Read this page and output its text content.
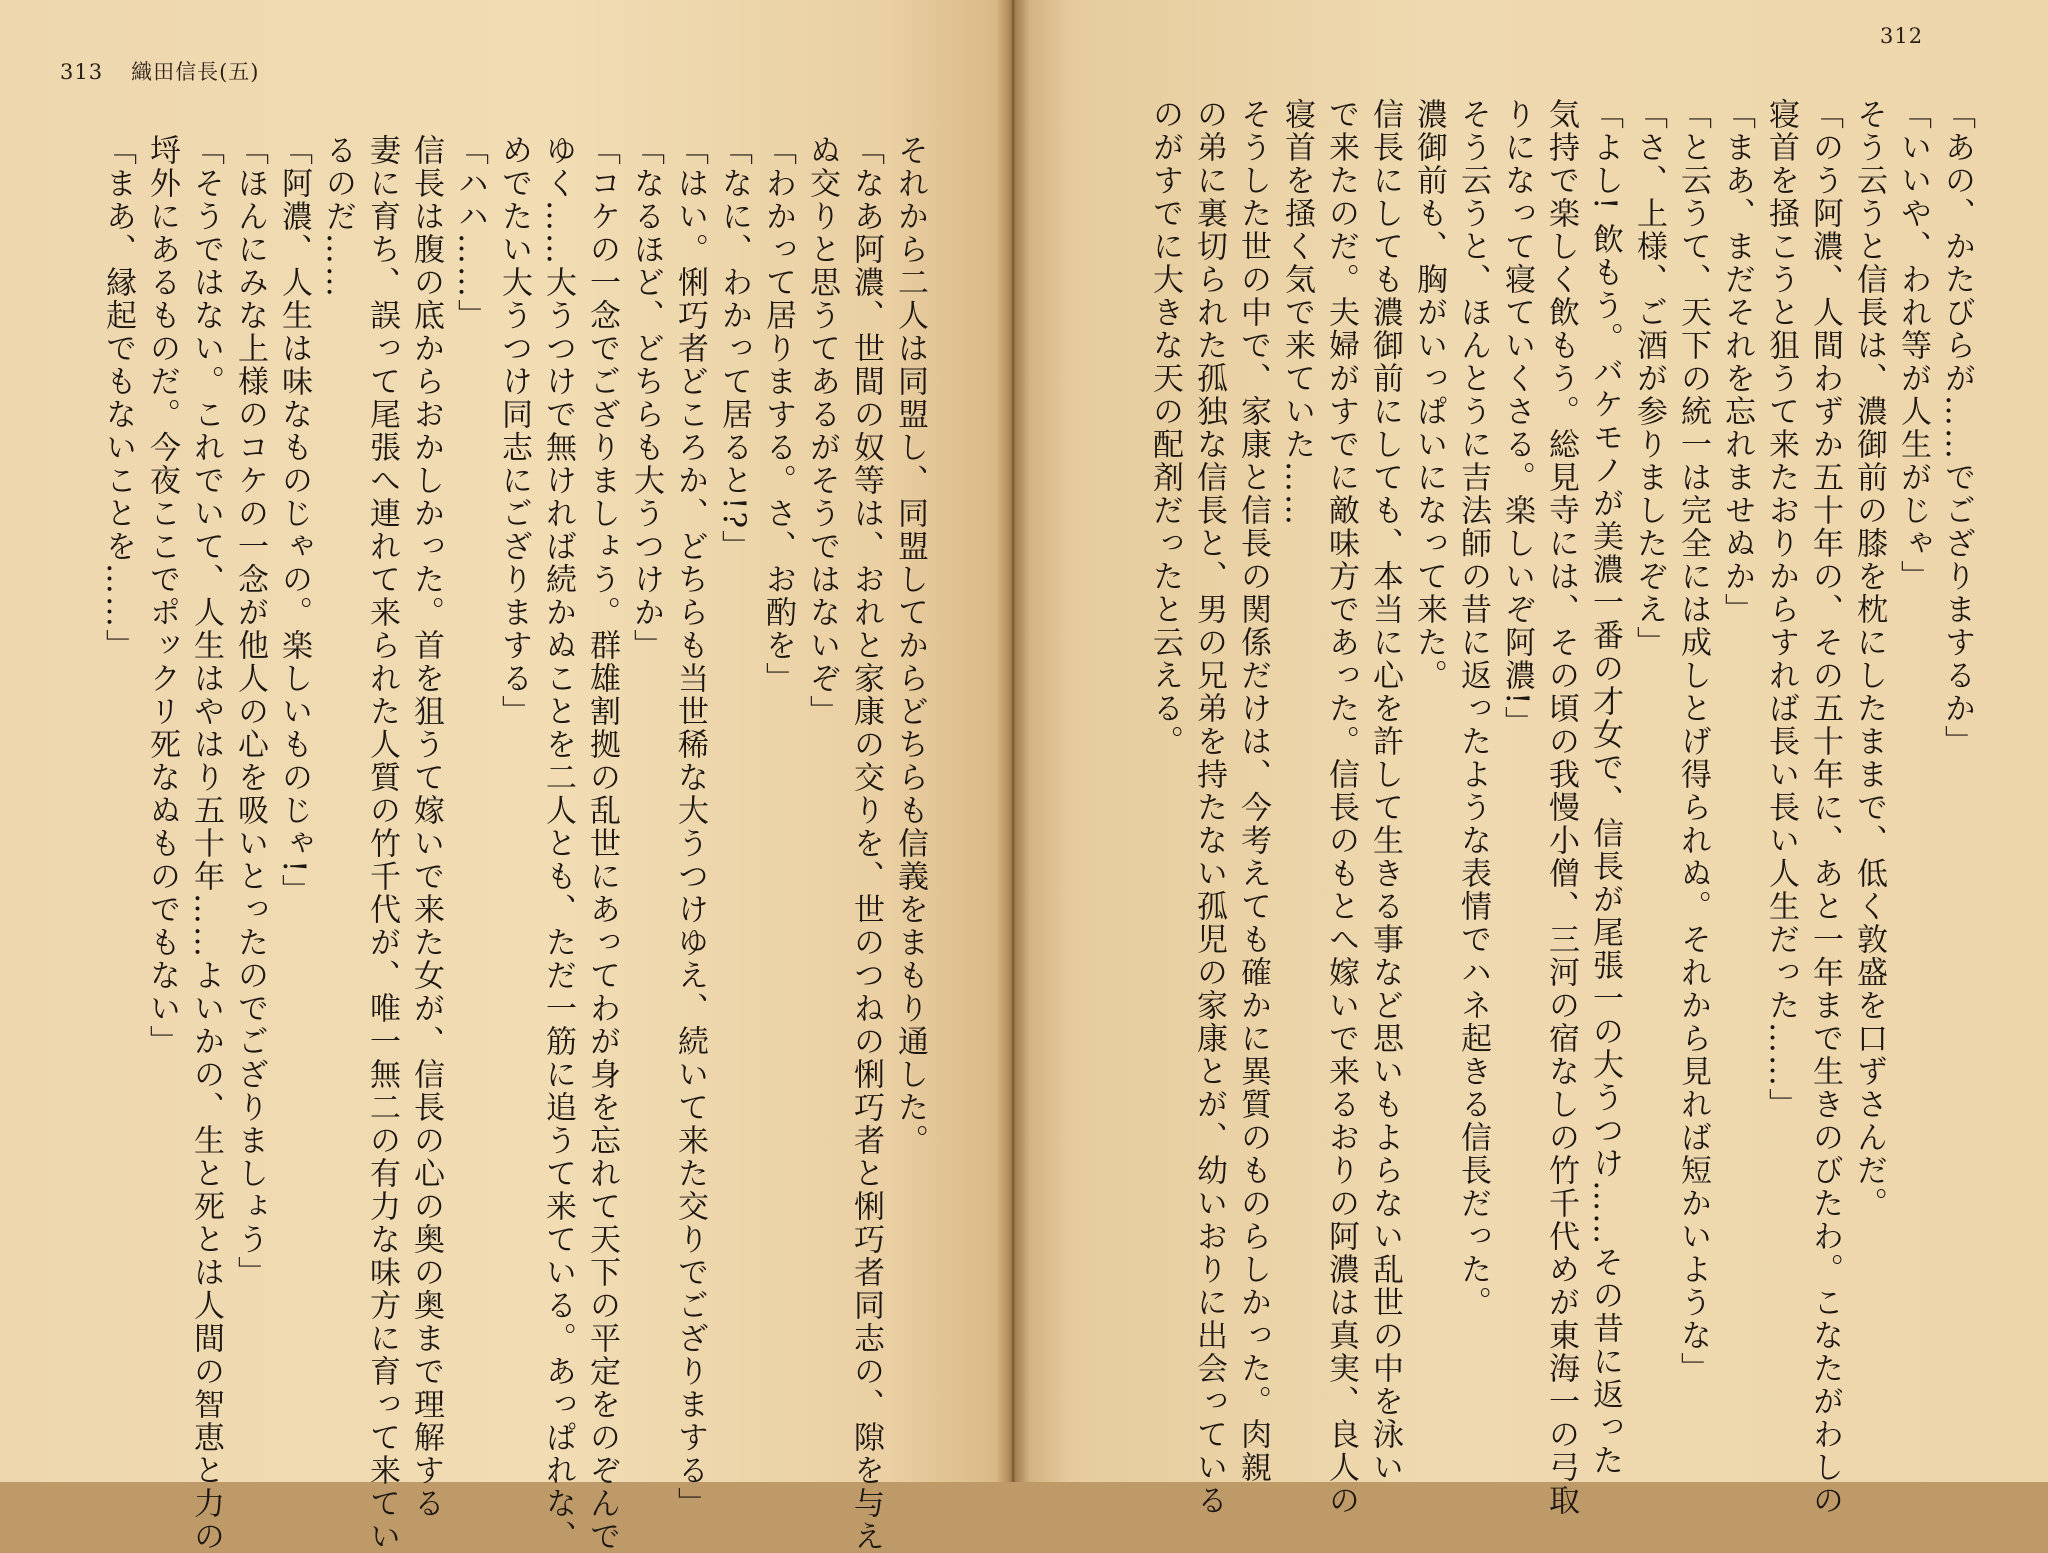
313 織田信長(五)
312

「あの、かたびらが……でござりまするか」

「いいや、われ等が人生がじゃ」

そう云うと信長は、濃御前の膝を枕にしたままで、低く敦盛を口ずさんだ。

「のう阿濃、人間わずか五十年の、その五十年に、あと一年まで生きのびたわ。こなたがわしの

寝首を掻こうと狙うて来たおりからすれば長い長い人生だった……」

「まあ、まだそれを忘れませぬか」

「と云うて、天下の統一は完全には成しとげ得られぬ。それから見れば短かいような」

「さ、上様、ご酒が参りましたぞえ」

「よし! 飲もう。バケモノが美濃一番の才女で、信長が尾張一の大うつけ……その昔に返った

気持で楽しく飲もう。総見寺には、その頃の我慢小僧、三河の宿なしの竹千代めが東海一の弓取

りになって寝ていくさる。楽しいぞ阿濃!」

そう云うと、ほんとうに吉法師の昔に返ったような表情でハネ起きる信長だった。

濃御前も、胸がいっぱいになって来た。

信長にしても濃御前にしても、本当に心を許して生きる事など思いもよらない乱世の中を泳い

で来たのだ。夫婦がすでに敵味方であった。信長のもとへ嫁いで来るおりの阿濃は真実、良人の

寝首を掻く気で来ていた……

そうした世の中で、家康と信長の関係だけは、今考えても確かに異質のものらしかった。肉親

の弟に裏切られた孤独な信長と、男の兄弟を持たない孤児の家康とが、幼いおりに出会っている

のがすでに大きな天の配剤だったと云える。

それから二人は同盟し、同盟してからどちらも信義をまもり通した。

「なあ阿濃、世間の奴等は、おれと家康の交りを、世のつねの悧巧者と悧巧者同志の、隙を与え

ぬ交りと思うてあるがそうではないぞ」

「わかって居りまする。さ、お酌を」

「なに、わかって居ると!?」

「はい。悧巧者どころか、どちらも当世稀な大うつけゆえ、続いて来た交りでござりまする」

「なるほど、どちらも大うつけか」

「コケの一念でござりましょう。群雄割拠の乱世にあってわが身を忘れて天下の平定をのぞんで

ゆく……大うつけで無ければ続かぬことを二人とも、ただ一筋に追うて来ている。あっぱれな、

めでたい大うつけ同志にござりまする」

「ハハ……」

信長は腹の底からおかしかった。首を狙うて嫁いで来た女が、信長の心の奥の奥まで理解する

妻に育ち、誤って尾張へ連れて来られた人質の竹千代が、唯一無二の有力な味方に育って来てい

るのだ……

「阿濃、人生は味なものじゃの。楽しいものじゃ!」

「ほんにみな上様のコケの一念が他人の心を吸いとったのでござりましょう」

「そうではない。これでいて、人生はやはり五十年……よいかの、生と死とは人間の智恵と力の

埒外にあるものだ。今夜ここでポックリ死なぬものでもない」

「まあ、縁起でもないことを……」
